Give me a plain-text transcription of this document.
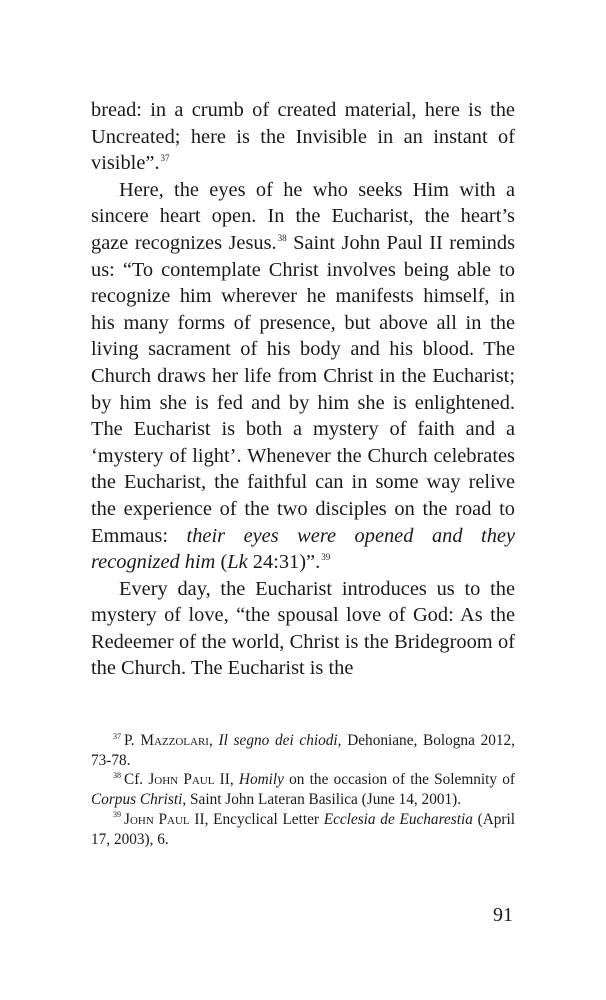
bread: in a crumb of created material, here is the Uncreated; here is the Invisible in an instant of visible”.$^{37}$

Here, the eyes of he who seeks Him with a sincere heart open. In the Eucharist, the heart’s gaze recognizes Jesus.$^{38}$ Saint John Paul II reminds us: “To contemplate Christ involves being able to recognize him wherever he manifests himself, in his many forms of presence, but above all in the living sacrament of his body and his blood. The Church draws her life from Christ in the Eucharist; by him she is fed and by him she is enlightened. The Eucharist is both a mystery of faith and a ‘mystery of light’. Whenever the Church celebrates the Eucharist, the faithful can in some way relive the experience of the two disciples on the road to Emmaus: their eyes were opened and they recognized him (Lk 24:31)”.$^{39}$

Every day, the Eucharist introduces us to the mystery of love, “the spousal love of God: As the Redeemer of the world, Christ is the Bridegroom of the Church. The Eucharist is the

$^{37}$ P. Mazzolari, Il segno dei chiodi, Dehoniane, Bologna 2012, 73-78.

$^{38}$ Cf. John Paul II, Homily on the occasion of the Solemnity of Corpus Christi, Saint John Lateran Basilica (June 14, 2001).

$^{39}$ John Paul II, Encyclical Letter Ecclesia de Eucharestia (April 17, 2003), 6.

91
